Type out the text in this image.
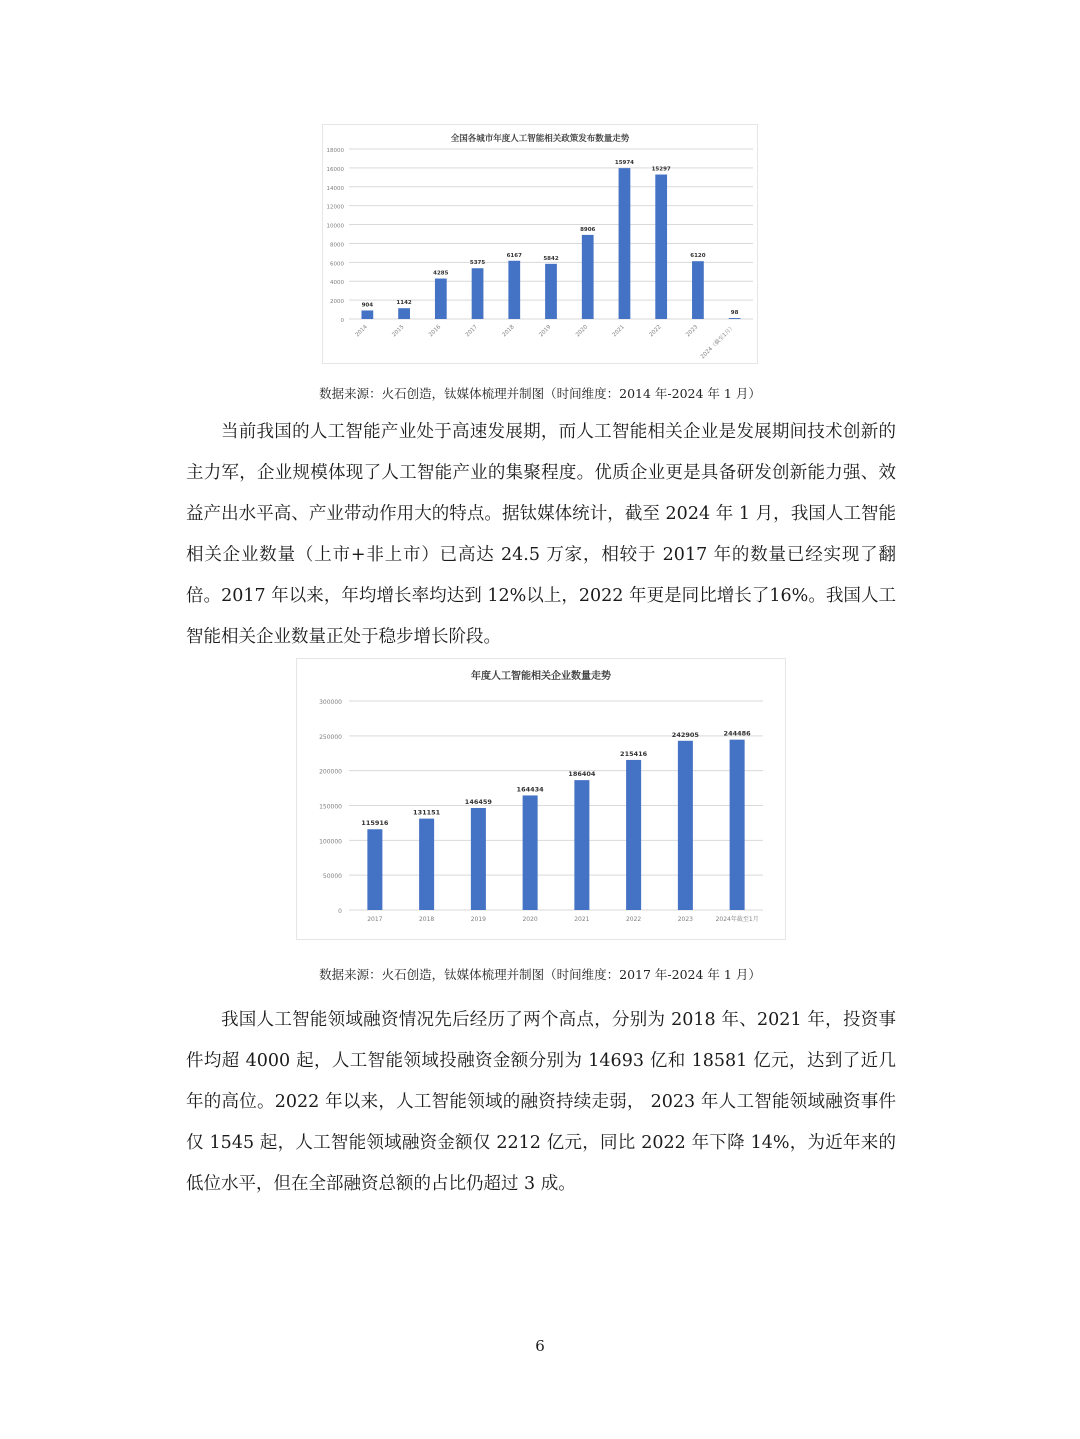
全国各城市年度人工智能相关政策发布数量走势
0
2000
4000
6000
8000
10000
12000
14000
16000
18000
904
2014
1142
2015
4285
2016
5375
2017
6167
2018
5842
2019
8906
2020
15974
2021
15297
2022
6120
2023
98
2024（截至1月）
数据来源：火石创造，钛媒体梳理并制图（时间维度：2014 年-2024 年 1 月）

当前我国的人工智能产业处于高速发展期，而人工智能相关企业是发展期间技术创新的主力军，企业规模体现了人工智能产业的集聚程度。优质企业更是具备研发创新能力强、效益产出水平高、产业带动作用大的特点。据钛媒体统计，截至 2024 年 1 月，我国人工智能相关企业数量（上市+非上市）已高达 24.5 万家，相较于 2017 年的数量已经实现了翻倍。2017 年以来，年均增长率均达到 12%以上，2022 年更是同比增长了16%。我国人工智能相关企业数量正处于稳步增长阶段。

年度人工智能相关企业数量走势
0
50000
100000
150000
200000
250000
300000
115916
2017
131151
2018
146459
2019
164434
2020
186404
2021
215416
2022
242905
2023
244486
2024年截至1月
数据来源：火石创造，钛媒体梳理并制图（时间维度：2017 年-2024 年 1 月）

我国人工智能领域融资情况先后经历了两个高点，分别为 2018 年、2021 年，投资事件均超 4000 起，人工智能领域投融资金额分别为 14693 亿和 18581 亿元，达到了近几年的高位。2022 年以来，人工智能领域的融资持续走弱， 2023 年人工智能领域融资事件仅 1545 起，人工智能领域融资金额仅 2212 亿元，同比 2022 年下降 14%，为近年来的低位水平，但在全部融资总额的占比仍超过 3 成。

6
